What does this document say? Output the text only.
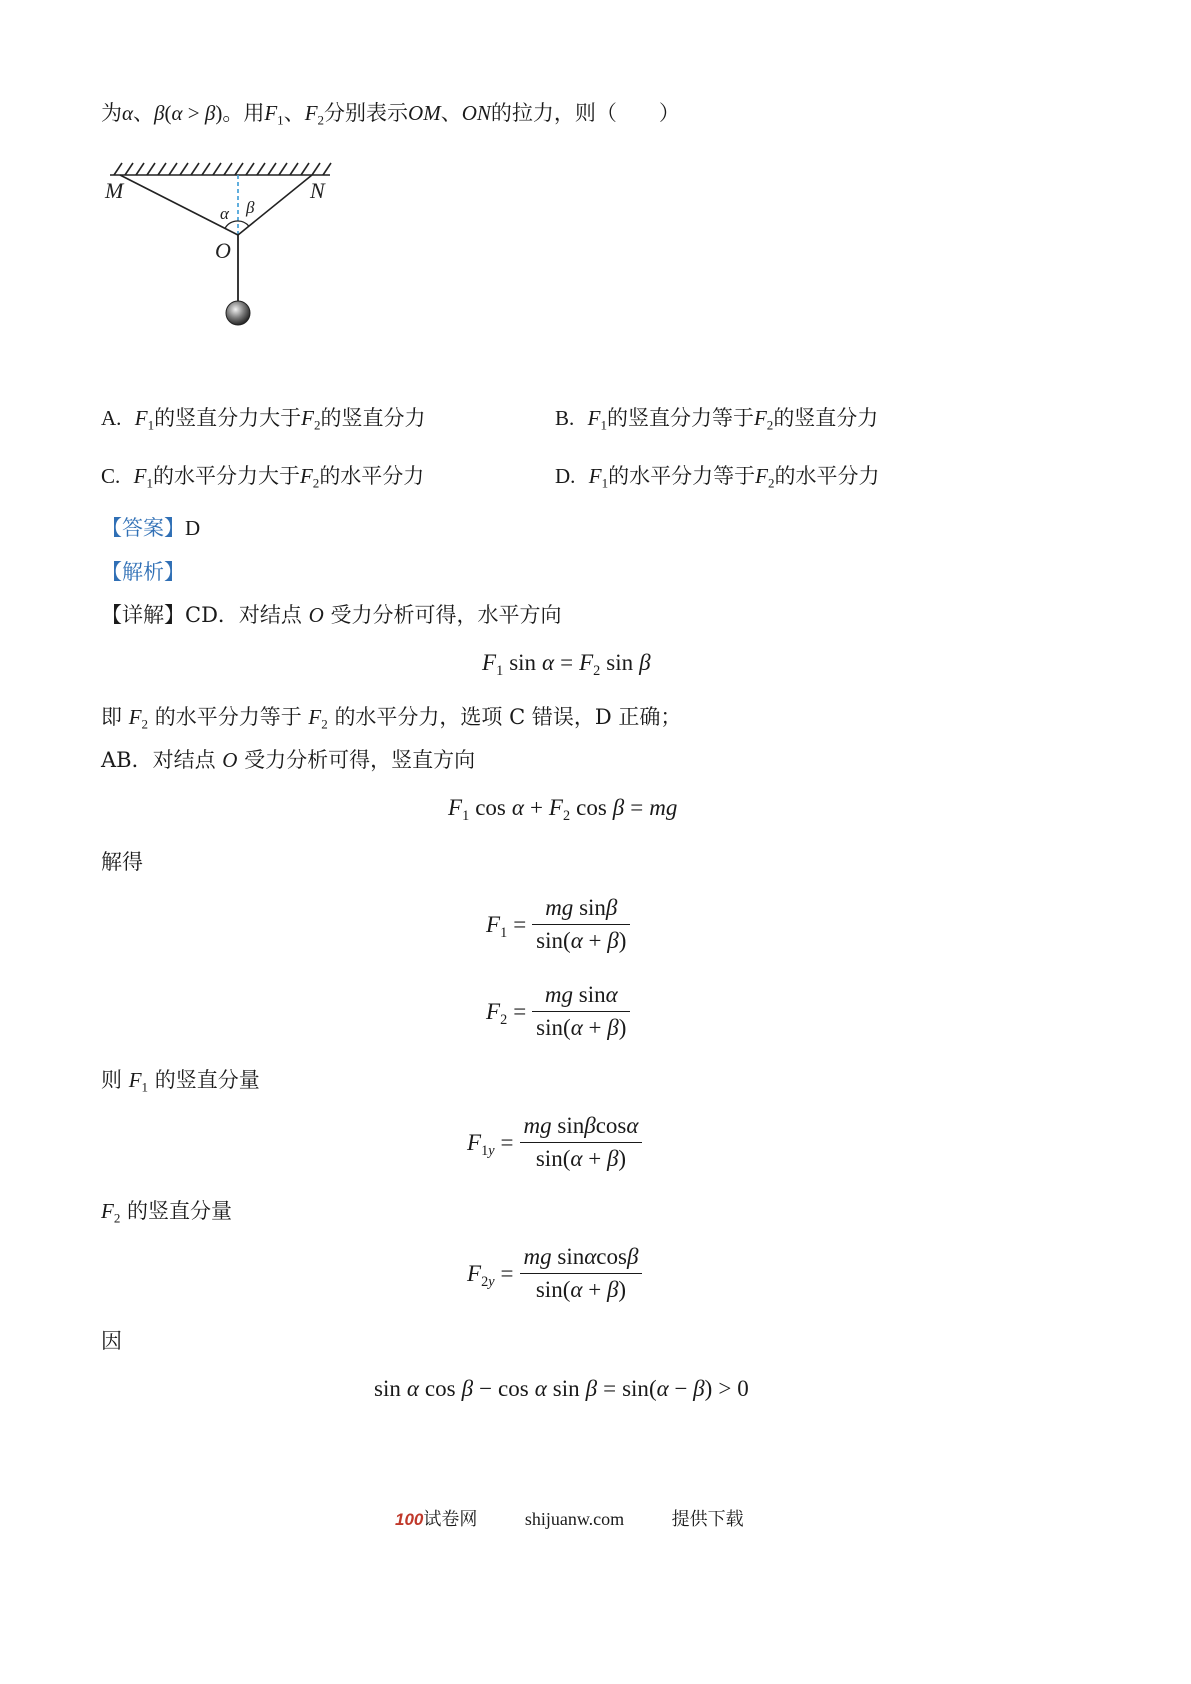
为α、β(α > β)。用$F_1$、$F_2$分别表示OM、ON的拉力，则（　　）
M	N
O
α β
A. $F_1$的竖直分力大于$F_2$的竖直分力	B. $F_1$的竖直分力等于$F_2$的竖直分力
C. $F_1$的水平分力大于$F_2$的水平分力	D. $F_1$的水平分力等于$F_2$的水平分力
【答案】D
【解析】
【详解】CD．对结点 O 受力分析可得，水平方向
$F_1$ $\sin \alpha = F_2$ sin β
即 $F_2$ 的水平分力等于 $F_2$ 的水平分力，选项 C 错误，D 正确；
AB．对结点 O 受力分析可得，竖直方向
$F_1$ $\cos \alpha + F_2$ cos β = mg
解得
$F_1 = \frac{\text{mg sinβ}}{\sin(\alpha + \beta)}$
$F_2 = \frac{\text{mg sinα}}{\sin(\alpha + \beta)}$
则 $F_1$ 的竖直分量
$F_{1y} = \frac{\text{mg sinβcosα}}{\sin(\alpha + \beta)}$
$F_2$ 的竖直分量
$F_{2y} = \frac{\text{mg sinαcosβ}}{\sin(\alpha + \beta)}$
因
sin α cos β − cos α sin β = sin(α − β) > 0
100试卷网	shijuanw.com	提供下载
